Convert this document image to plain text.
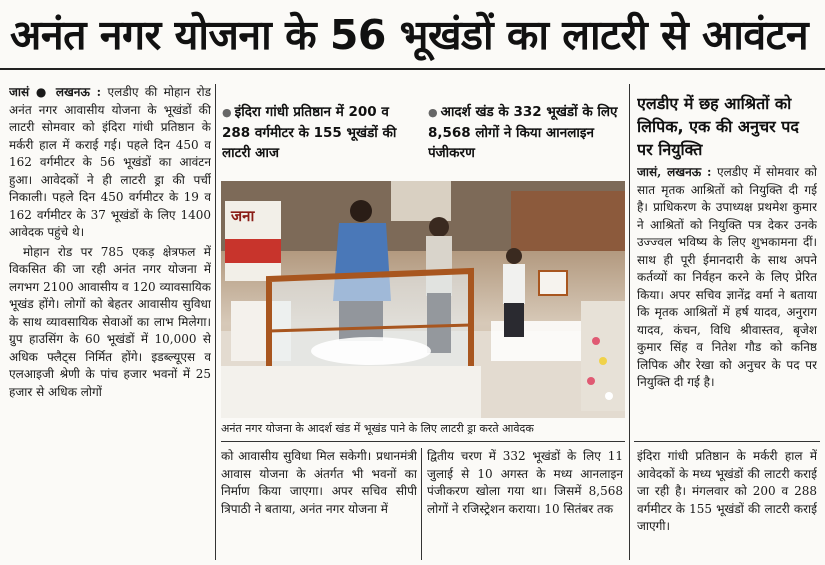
अनंत नगर योजना के 56 भूखंडों का लाटरी से आवंटन

जासं ● लखनऊ : एलडीए की मोहान रोड अनंत नगर आवासीय योजना के भूखंडों की लाटरी सोमवार को इंदिरा गांधी प्रतिष्ठान के मर्करी हाल में कराई गई। पहले दिन 450 व 162 वर्गमीटर के 56 भूखंडों का आवंटन हुआ। आवेदकों ने ही लाटरी ड्रा की पर्ची निकाली। पहले दिन 450 वर्गमीटर के 19 व 162 वर्गमीटर के 37 भूखंडों के लिए 1400 आवेदक पहुंचे थे।

मोहान रोड पर 785 एकड़ क्षेत्रफल में विकसित की जा रही अनंत नगर योजना में लगभग 2100 आवासीय व 120 व्यावसायिक भूखंड होंगे। लोगों को बेहतर आवासीय सुविधा के साथ व्यावसायिक सेवाओं का लाभ मिलेगा। ग्रुप हाउसिंग के 60 भूखंडों में 10,000 से अधिक फ्लैट्स निर्मित होंगे। इडब्ल्यूएस व एलआइजी श्रेणी के पांच हजार भवनों में 25 हजार से अधिक लोगों

● इंदिरा गांधी प्रतिष्ठान में 200 व 288 वर्गमीटर के 155 भूखंडों की लाटरी आज
● आदर्श खंड के 332 भूखंडों के लिए 8,568 लोगों ने किया आनलाइन पंजीकरण
जना
अनंत नगर योजना के आदर्श खंड में भूखंड पाने के लिए लाटरी ड्रा करते आवेदक

को आवासीय सुविधा मिल सकेगी। प्रधानमंत्री आवास योजना के अंतर्गत भी भवनों का निर्माण किया जाएगा। अपर सचिव सीपी त्रिपाठी ने बताया, अनंत नगर योजना में

द्वितीय चरण में 332 भूखंडों के लिए 11 जुलाई से 10 अगस्त के मध्य आनलाइन पंजीकरण खोला गया था। जिसमें 8,568 लोगों ने रजिस्ट्रेशन कराया। 10 सितंबर तक

एलडीए में छह आश्रितों को लिपिक, एक की अनुचर पद पर नियुक्ति

जासं, लखनऊ : एलडीए में सोमवार को सात मृतक आश्रितों को नियुक्ति दी गई है। प्राधिकरण के उपाध्यक्ष प्रथमेश कुमार ने आश्रितों को नियुक्ति पत्र देकर उनके उज्ज्वल भविष्य के लिए शुभकामना दीं। साथ ही पूरी ईमानदारी के साथ अपने कर्तव्यों का निर्वहन करने के लिए प्रेरित किया। अपर सचिव ज्ञानेंद्र वर्मा ने बताया कि मृतक आश्रितों में हर्ष यादव, अनुराग यादव, कंचन, विधि श्रीवास्तव, बृजेश कुमार सिंह व नितेश गौड को कनिष्ठ लिपिक और रेखा को अनुचर के पद पर नियुक्ति दी गई है।

इंदिरा गांधी प्रतिष्ठान के मर्करी हाल में आवेदकों के मध्य भूखंडों की लाटरी कराई जा रही है। मंगलवार को 200 व 288 वर्गमीटर के 155 भूखंडों की लाटरी कराई जाएगी।
